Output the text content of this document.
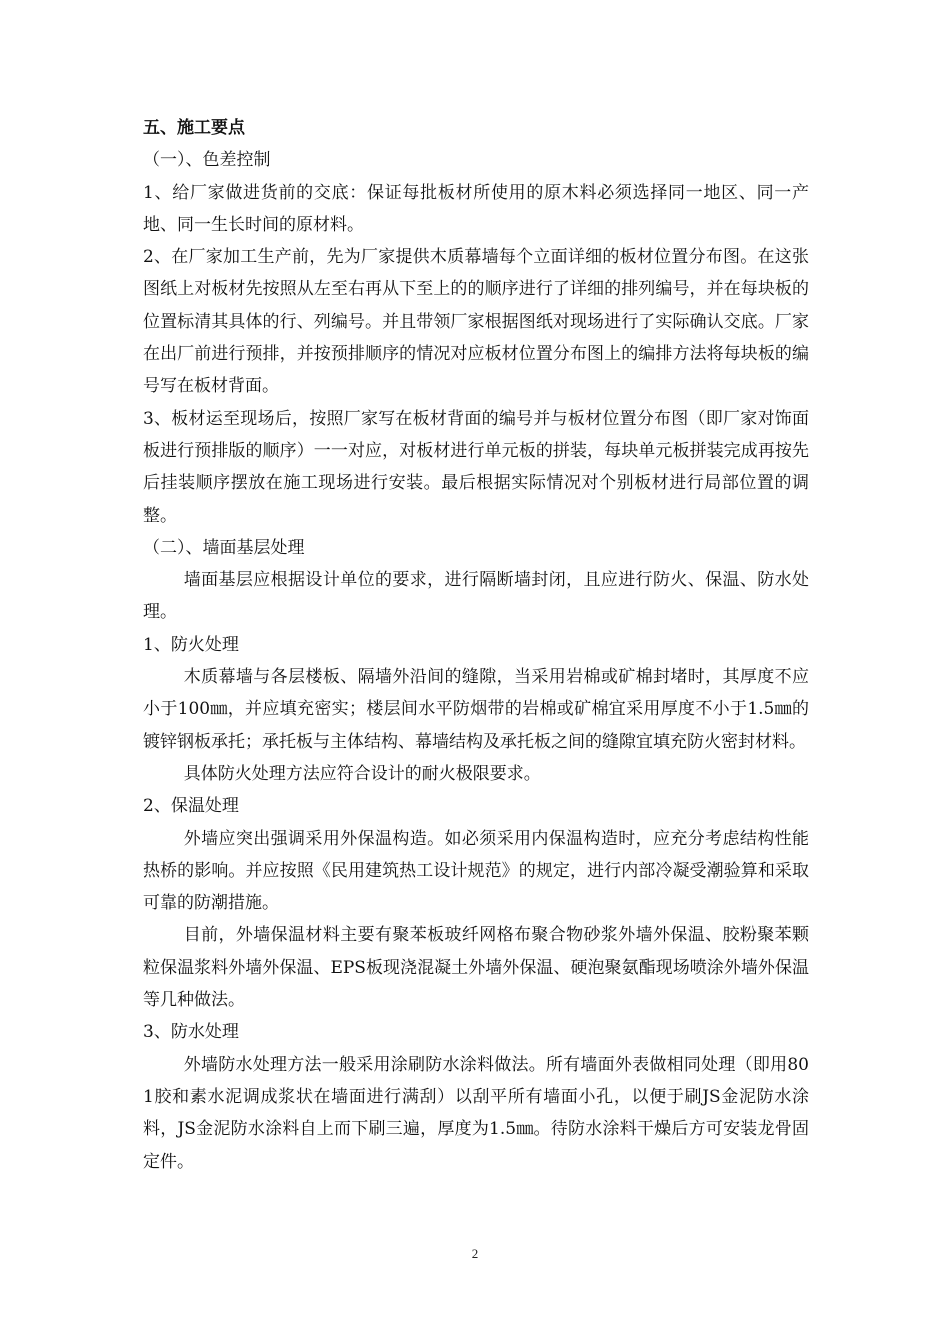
五、施工要点

（一）、色差控制

1、给厂家做进货前的交底：保证每批板材所使用的原木料必须选择同一地区、同一产地、同一生长时间的原材料。

2、在厂家加工生产前，先为厂家提供木质幕墙每个立面详细的板材位置分布图。在这张图纸上对板材先按照从左至右再从下至上的的顺序进行了详细的排列编号，并在每块板的位置标清其具体的行、列编号。并且带领厂家根据图纸对现场进行了实际确认交底。厂家在出厂前进行预排，并按预排顺序的情况对应板材位置分布图上的编排方法将每块板的编号写在板材背面。

3、板材运至现场后，按照厂家写在板材背面的编号并与板材位置分布图（即厂家对饰面板进行预排版的顺序）一一对应，对板材进行单元板的拼装，每块单元板拼装完成再按先后挂装顺序摆放在施工现场进行安装。最后根据实际情况对个别板材进行局部位置的调整。

（二）、墙面基层处理

墙面基层应根据设计单位的要求，进行隔断墙封闭，且应进行防火、保温、防水处理。

1、防火处理

木质幕墙与各层楼板、隔墙外沿间的缝隙，当采用岩棉或矿棉封堵时，其厚度不应小于100㎜，并应填充密实；楼层间水平防烟带的岩棉或矿棉宜采用厚度不小于1.5㎜的镀锌钢板承托；承托板与主体结构、幕墙结构及承托板之间的缝隙宜填充防火密封材料。

具体防火处理方法应符合设计的耐火极限要求。

2、保温处理

外墙应突出强调采用外保温构造。如必须采用内保温构造时，应充分考虑结构性能热桥的影响。并应按照《民用建筑热工设计规范》的规定，进行内部冷凝受潮验算和采取可靠的防潮措施。

目前，外墙保温材料主要有聚苯板玻纤网格布聚合物砂浆外墙外保温、胶粉聚苯颗粒保温浆料外墙外保温、EPS板现浇混凝土外墙外保温、硬泡聚氨酯现场喷涂外墙外保温等几种做法。

3、防水处理

外墙防水处理方法一般采用涂刷防水涂料做法。所有墙面外表做相同处理（即用801胶和素水泥调成浆状在墙面进行满刮）以刮平所有墙面小孔，以便于刷JS金泥防水涂料，JS金泥防水涂料自上而下刷三遍，厚度为1.5㎜。待防水涂料干燥后方可安装龙骨固定件。

2
